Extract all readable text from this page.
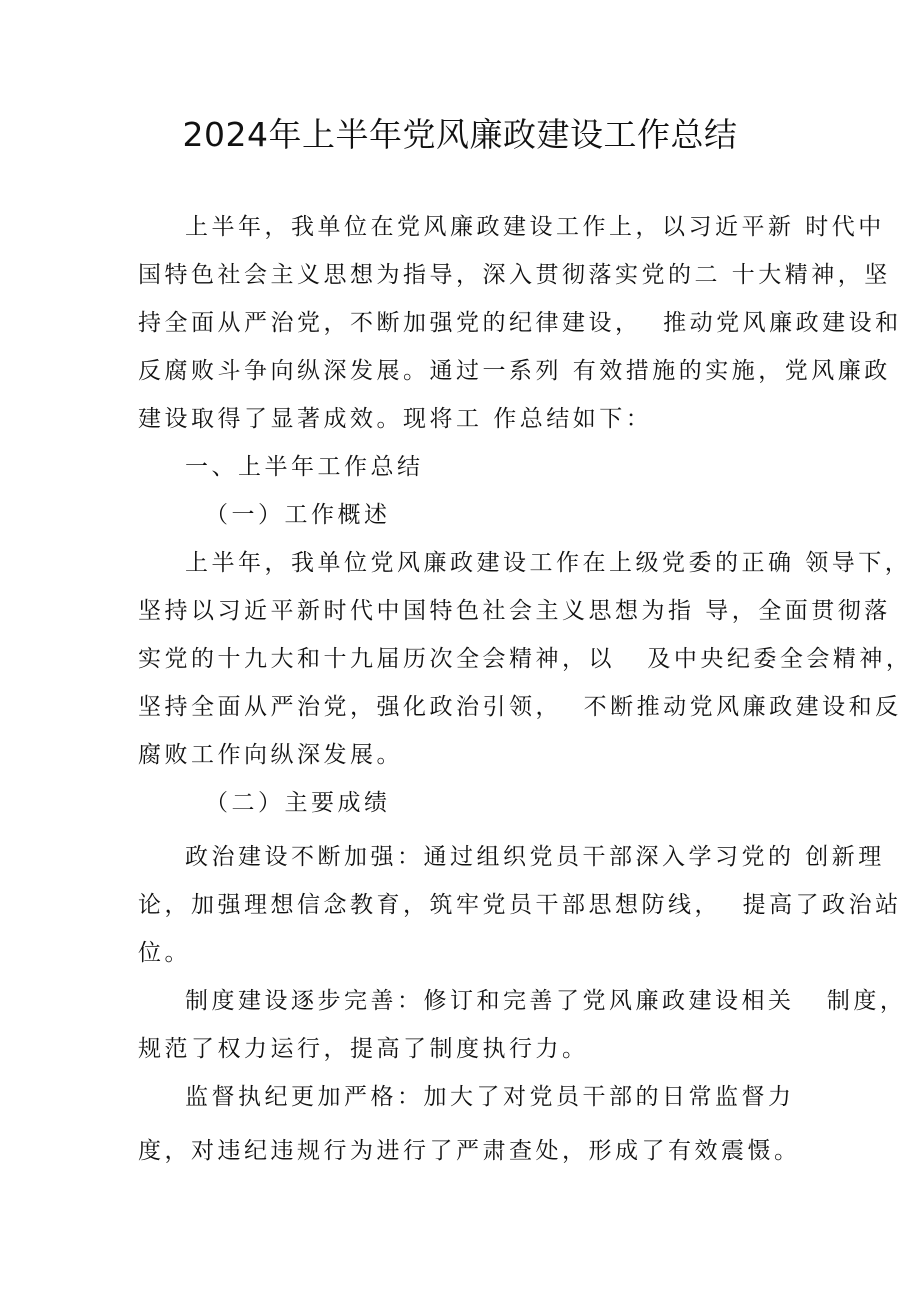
2024年上半年党风廉政建设工作总结

上半年，我单位在党风廉政建设工作上，以习近平新 时代中

国特色社会主义思想为指导，深入贯彻落实党的二 十大精神，坚

持全面从严治党，不断加强党的纪律建设，  推动党风廉政建设和

反腐败斗争向纵深发展。通过一系列 有效措施的实施，党风廉政

建设取得了显著成效。现将工 作总结如下：

一、上半年工作总结

（一）工作概述

上半年，我单位党风廉政建设工作在上级党委的正确 领导下，

坚持以习近平新时代中国特色社会主义思想为指 导，全面贯彻落

实党的十九大和十九届历次全会精神，以   及中央纪委全会精神，

坚持全面从严治党，强化政治引领，  不断推动党风廉政建设和反

腐败工作向纵深发展。

（二）主要成绩

政治建设不断加强：通过组织党员干部深入学习党的 创新理

论，加强理想信念教育，筑牢党员干部思想防线，  提高了政治站

位。

制度建设逐步完善：修订和完善了党风廉政建设相关   制度，

规范了权力运行，提高了制度执行力。

监督执纪更加严格：加大了对党员干部的日常监督力

度，对违纪违规行为进行了严肃查处，形成了有效震慑。
